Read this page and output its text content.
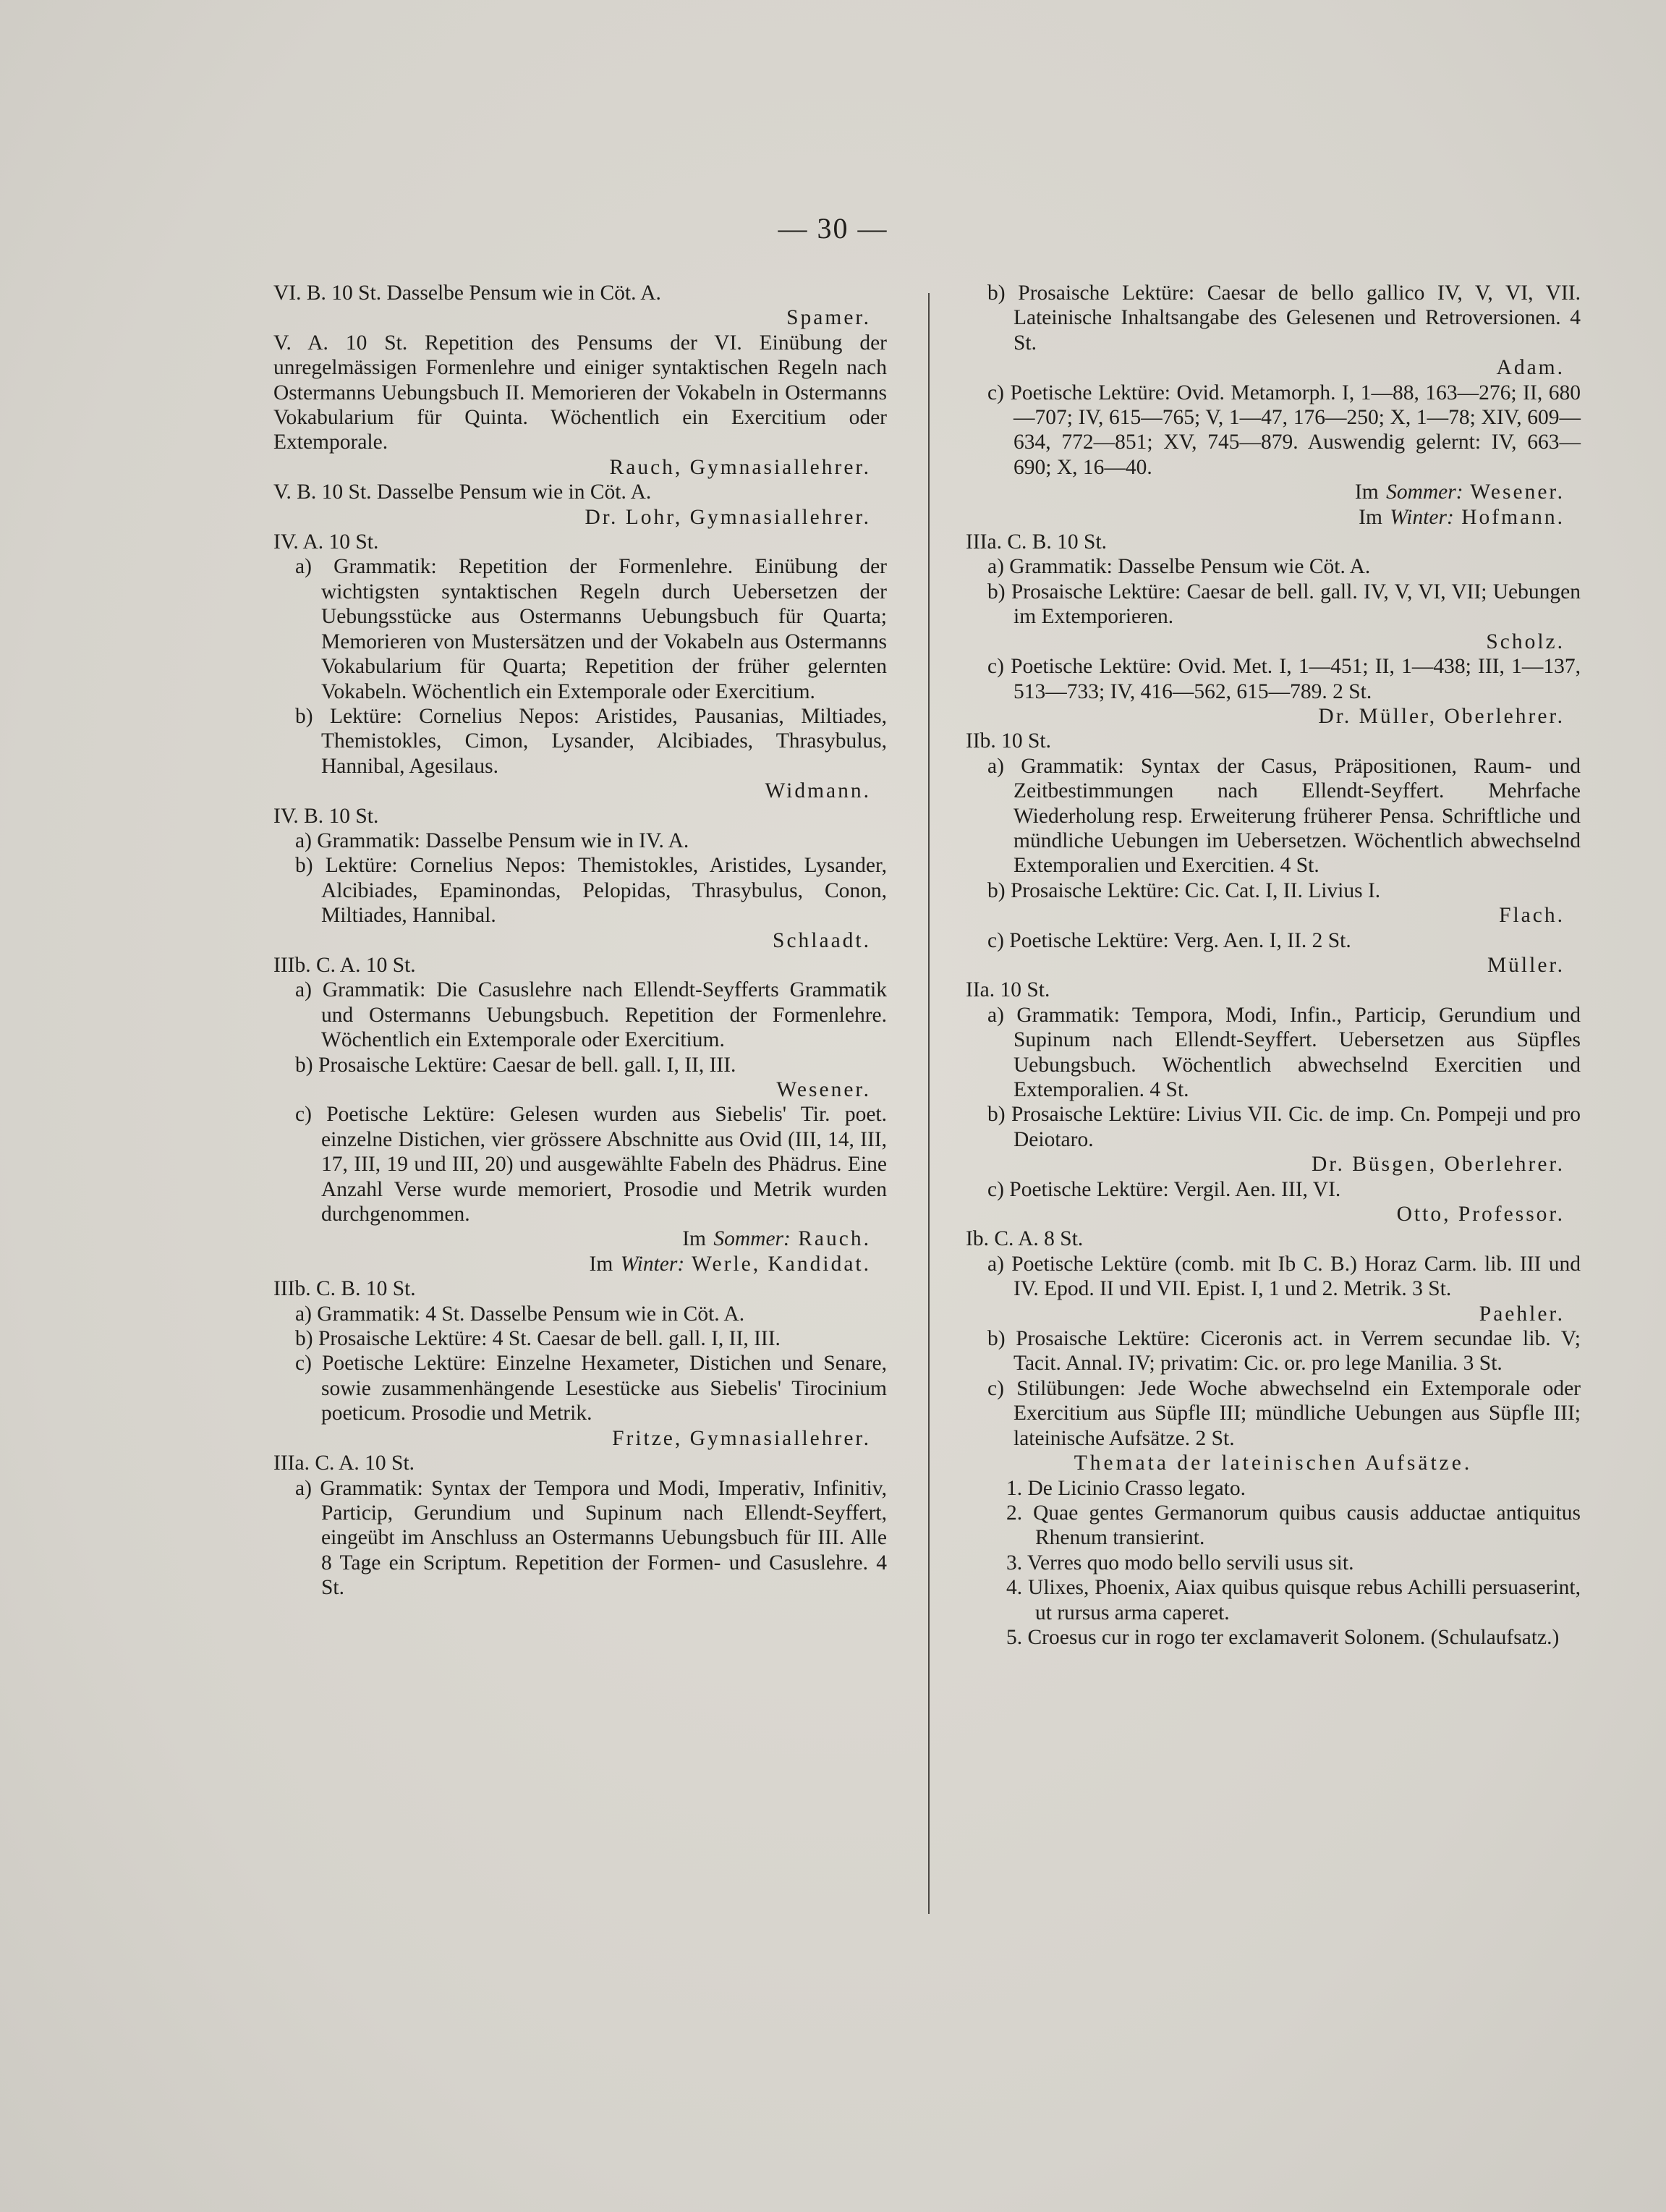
— 30 —

VI. B. 10 St. Dasselbe Pensum wie in Cöt. A.

Spamer.

V. A. 10 St. Repetition des Pensums der VI. Einübung der unregelmässigen Formenlehre und einiger syntaktischen Regeln nach Ostermanns Uebungsbuch II. Memorieren der Vokabeln in Ostermanns Vokabularium für Quinta. Wöchentlich ein Exercitium oder Extemporale.

Rauch, Gymnasiallehrer.

V. B. 10 St. Dasselbe Pensum wie in Cöt. A.

Dr. Lohr, Gymnasiallehrer.

IV. A. 10 St.

a) Grammatik: Repetition der Formenlehre. Einübung der wichtigsten syntaktischen Regeln durch Uebersetzen der Uebungsstücke aus Ostermanns Uebungsbuch für Quarta; Memorieren von Mustersätzen und der Vokabeln aus Ostermanns Vokabularium für Quarta; Repetition der früher gelernten Vokabeln. Wöchentlich ein Extemporale oder Exercitium.

b) Lektüre: Cornelius Nepos: Aristides, Pausanias, Miltiades, Themistokles, Cimon, Lysander, Alcibiades, Thrasybulus, Hannibal, Agesilaus.

Widmann.

IV. B. 10 St.

a) Grammatik: Dasselbe Pensum wie in IV. A.

b) Lektüre: Cornelius Nepos: Themistokles, Aristides, Lysander, Alcibiades, Epaminondas, Pelopidas, Thrasybulus, Conon, Miltiades, Hannibal.

Schlaadt.

IIIb. C. A. 10 St.

a) Grammatik: Die Casuslehre nach Ellendt-Seyfferts Grammatik und Ostermanns Uebungsbuch. Repetition der Formenlehre. Wöchentlich ein Extemporale oder Exercitium.

b) Prosaische Lektüre: Caesar de bell. gall. I, II, III.

Wesener.

c) Poetische Lektüre: Gelesen wurden aus Siebelis' Tir. poet. einzelne Distichen, vier grössere Abschnitte aus Ovid (III, 14, III, 17, III, 19 und III, 20) und ausgewählte Fabeln des Phädrus. Eine Anzahl Verse wurde memoriert, Prosodie und Metrik wurden durchgenommen.

Im Sommer: Rauch.

Im Winter: Werle, Kandidat.

IIIb. C. B. 10 St.

a) Grammatik: 4 St. Dasselbe Pensum wie in Cöt. A.

b) Prosaische Lektüre: 4 St. Caesar de bell. gall. I, II, III.

c) Poetische Lektüre: Einzelne Hexameter, Distichen und Senare, sowie zusammenhängende Lesestücke aus Siebelis' Tirocinium poeticum. Prosodie und Metrik.

Fritze, Gymnasiallehrer.

IIIa. C. A. 10 St.

a) Grammatik: Syntax der Tempora und Modi, Imperativ, Infinitiv, Particip, Gerundium und Supinum nach Ellendt-Seyffert, eingeübt im Anschluss an Ostermanns Uebungsbuch für III. Alle 8 Tage ein Scriptum. Repetition der Formen- und Casuslehre. 4 St.

b) Prosaische Lektüre: Caesar de bello gallico IV, V, VI, VII. Lateinische Inhaltsangabe des Gelesenen und Retroversionen. 4 St.

Adam.

c) Poetische Lektüre: Ovid. Metamorph. I, 1—88, 163—276; II, 680—707; IV, 615—765; V, 1—47, 176—250; X, 1—78; XIV, 609—634, 772—851; XV, 745—879. Auswendig gelernt: IV, 663—690; X, 16—40.

Im Sommer: Wesener.

Im Winter: Hofmann.

IIIa. C. B. 10 St.

a) Grammatik: Dasselbe Pensum wie Cöt. A.

b) Prosaische Lektüre: Caesar de bell. gall. IV, V, VI, VII; Uebungen im Extemporieren.

Scholz.

c) Poetische Lektüre: Ovid. Met. I, 1—451; II, 1—438; III, 1—137, 513—733; IV, 416—562, 615—789. 2 St.

Dr. Müller, Oberlehrer.

IIb. 10 St.

a) Grammatik: Syntax der Casus, Präpositionen, Raum- und Zeitbestimmungen nach Ellendt-Seyffert. Mehrfache Wiederholung resp. Erweiterung früherer Pensa. Schriftliche und mündliche Uebungen im Uebersetzen. Wöchentlich abwechselnd Extemporalien und Exercitien. 4 St.

b) Prosaische Lektüre: Cic. Cat. I, II. Livius I.

Flach.

c) Poetische Lektüre: Verg. Aen. I, II. 2 St.

Müller.

IIa. 10 St.

a) Grammatik: Tempora, Modi, Infin., Particip, Gerundium und Supinum nach Ellendt-Seyffert. Uebersetzen aus Süpfles Uebungsbuch. Wöchentlich abwechselnd Exercitien und Extemporalien. 4 St.

b) Prosaische Lektüre: Livius VII. Cic. de imp. Cn. Pompeji und pro Deiotaro.

Dr. Büsgen, Oberlehrer.

c) Poetische Lektüre: Vergil. Aen. III, VI.

Otto, Professor.

Ib. C. A. 8 St.

a) Poetische Lektüre (comb. mit Ib C. B.) Horaz Carm. lib. III und IV. Epod. II und VII. Epist. I, 1 und 2. Metrik. 3 St.

Paehler.

b) Prosaische Lektüre: Ciceronis act. in Verrem secundae lib. V; Tacit. Annal. IV; privatim: Cic. or. pro lege Manilia. 3 St.

c) Stilübungen: Jede Woche abwechselnd ein Extemporale oder Exercitium aus Süpfle III; mündliche Uebungen aus Süpfle III; lateinische Aufsätze. 2 St.

Themata der lateinischen Aufsätze.

1. De Licinio Crasso legato.

2. Quae gentes Germanorum quibus causis adductae antiquitus Rhenum transierint.

3. Verres quo modo bello servili usus sit.

4. Ulixes, Phoenix, Aiax quibus quisque rebus Achilli persuaserint, ut rursus arma caperet.

5. Croesus cur in rogo ter exclamaverit Solonem. (Schulaufsatz.)
